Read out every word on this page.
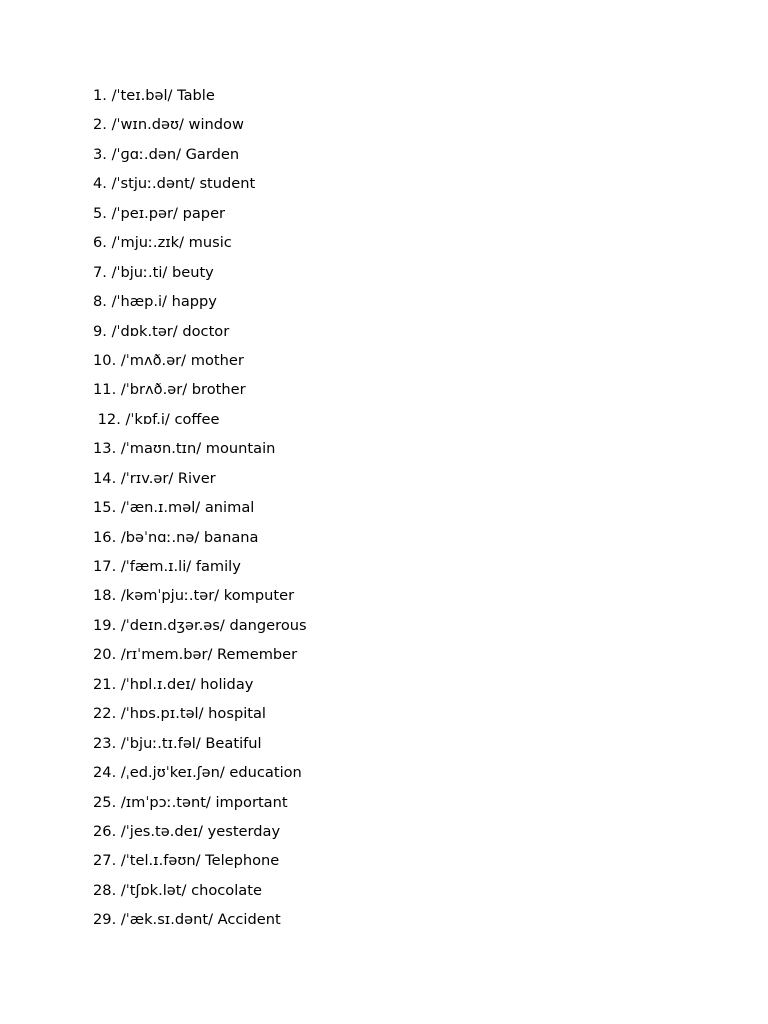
1. /ˈteɪ.bəl/ Table
2. /ˈwɪn.dəʊ/ window
3. /ˈɡɑː.dən/ Garden
4. /ˈstjuː.dənt/ student
5. /ˈpeɪ.pər/ paper
6. /ˈmjuː.zɪk/ music
7. /ˈbjuː.ti/ beuty
8. /ˈhæp.i/ happy
9. /ˈdɒk.tər/ doctor
10. /ˈmʌð.ər/ mother
11. /ˈbrʌð.ər/ brother
12. /ˈkɒf.i/ coffee
13. /ˈmaʊn.tɪn/ mountain
14. /ˈrɪv.ər/ River
15. /ˈæn.ɪ.məl/ animal
16. /bəˈnɑː.nə/ banana
17. /ˈfæm.ɪ.li/ family
18. /kəmˈpjuː.tər/ komputer
19. /ˈdeɪn.dʒər.əs/ dangerous
20. /rɪˈmem.bər/ Remember
21. /ˈhɒl.ɪ.deɪ/ holiday
22. /ˈhɒs.pɪ.təl/ hospital
23. /ˈbjuː.tɪ.fəl/ Beatiful
24. /ˌed.jʊˈkeɪ.ʃən/ education
25. /ɪmˈpɔː.tənt/ important
26. /ˈjes.tə.deɪ/ yesterday
27. /ˈtel.ɪ.fəʊn/ Telephone
28. /ˈtʃɒk.lət/ chocolate
29. /ˈæk.sɪ.dənt/ Accident
